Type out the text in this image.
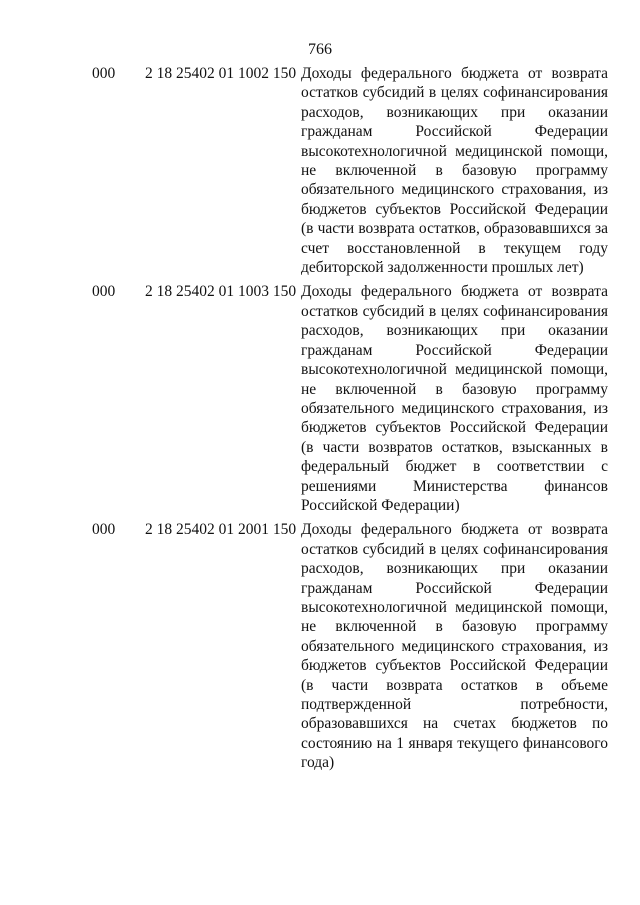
766
000 2 18 25402 01 1002 150 Доходы федерального бюджета от возврата остатков субсидий в целях софинансирования расходов, возникающих при оказании гражданам Российской Федерации высокотехнологичной медицинской помощи, не включенной в базовую программу обязательного медицинского страхования, из бюджетов субъектов Российской Федерации (в части возврата остатков, образовавшихся за счет восстановленной в текущем году дебиторской задолженности прошлых лет)
000 2 18 25402 01 1003 150 Доходы федерального бюджета от возврата остатков субсидий в целях софинансирования расходов, возникающих при оказании гражданам Российской Федерации высокотехнологичной медицинской помощи, не включенной в базовую программу обязательного медицинского страхования, из бюджетов субъектов Российской Федерации (в части возвратов остатков, взысканных в федеральный бюджет в соответствии с решениями Министерства финансов Российской Федерации)
000 2 18 25402 01 2001 150 Доходы федерального бюджета от возврата остатков субсидий в целях софинансирования расходов, возникающих при оказании гражданам Российской Федерации высокотехнологичной медицинской помощи, не включенной в базовую программу обязательного медицинского страхования, из бюджетов субъектов Российской Федерации (в части возврата остатков в объеме подтвержденной потребности, образовавшихся на счетах бюджетов по состоянию на 1 января текущего финансового года)
